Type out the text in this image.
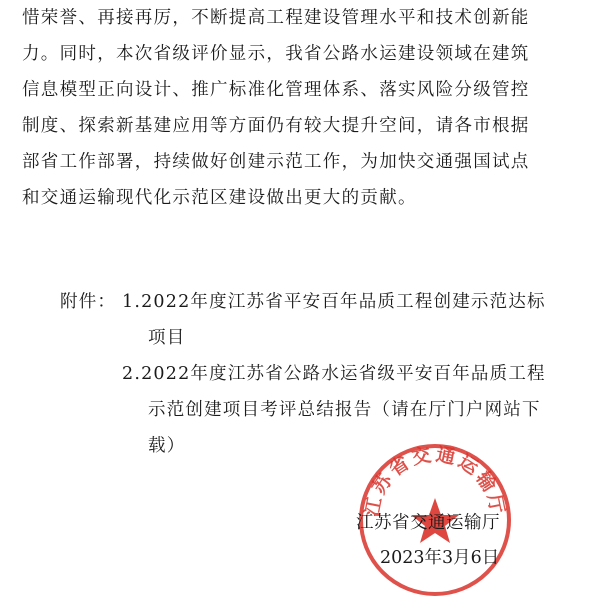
惜荣誉、再接再厉，不断提高工程建设管理水平和技术创新能
力。同时，本次省级评价显示，我省公路水运建设领域在建筑
信息模型正向设计、推广标准化管理体系、落实风险分级管控
制度、探索新基建应用等方面仍有较大提升空间，请各市根据
部省工作部署，持续做好创建示范工作，为加快交通强国试点
和交通运输现代化示范区建设做出更大的贡献。
附件： 1.2022年度江苏省平安百年品质工程创建示范达标
项目
2.2022年度江苏省公路水运省级平安百年品质工程
示范创建项目考评总结报告（请在厅门户网站下
载）
江苏省交通运输厅
江苏省交通运输厅
2023年3月6日
